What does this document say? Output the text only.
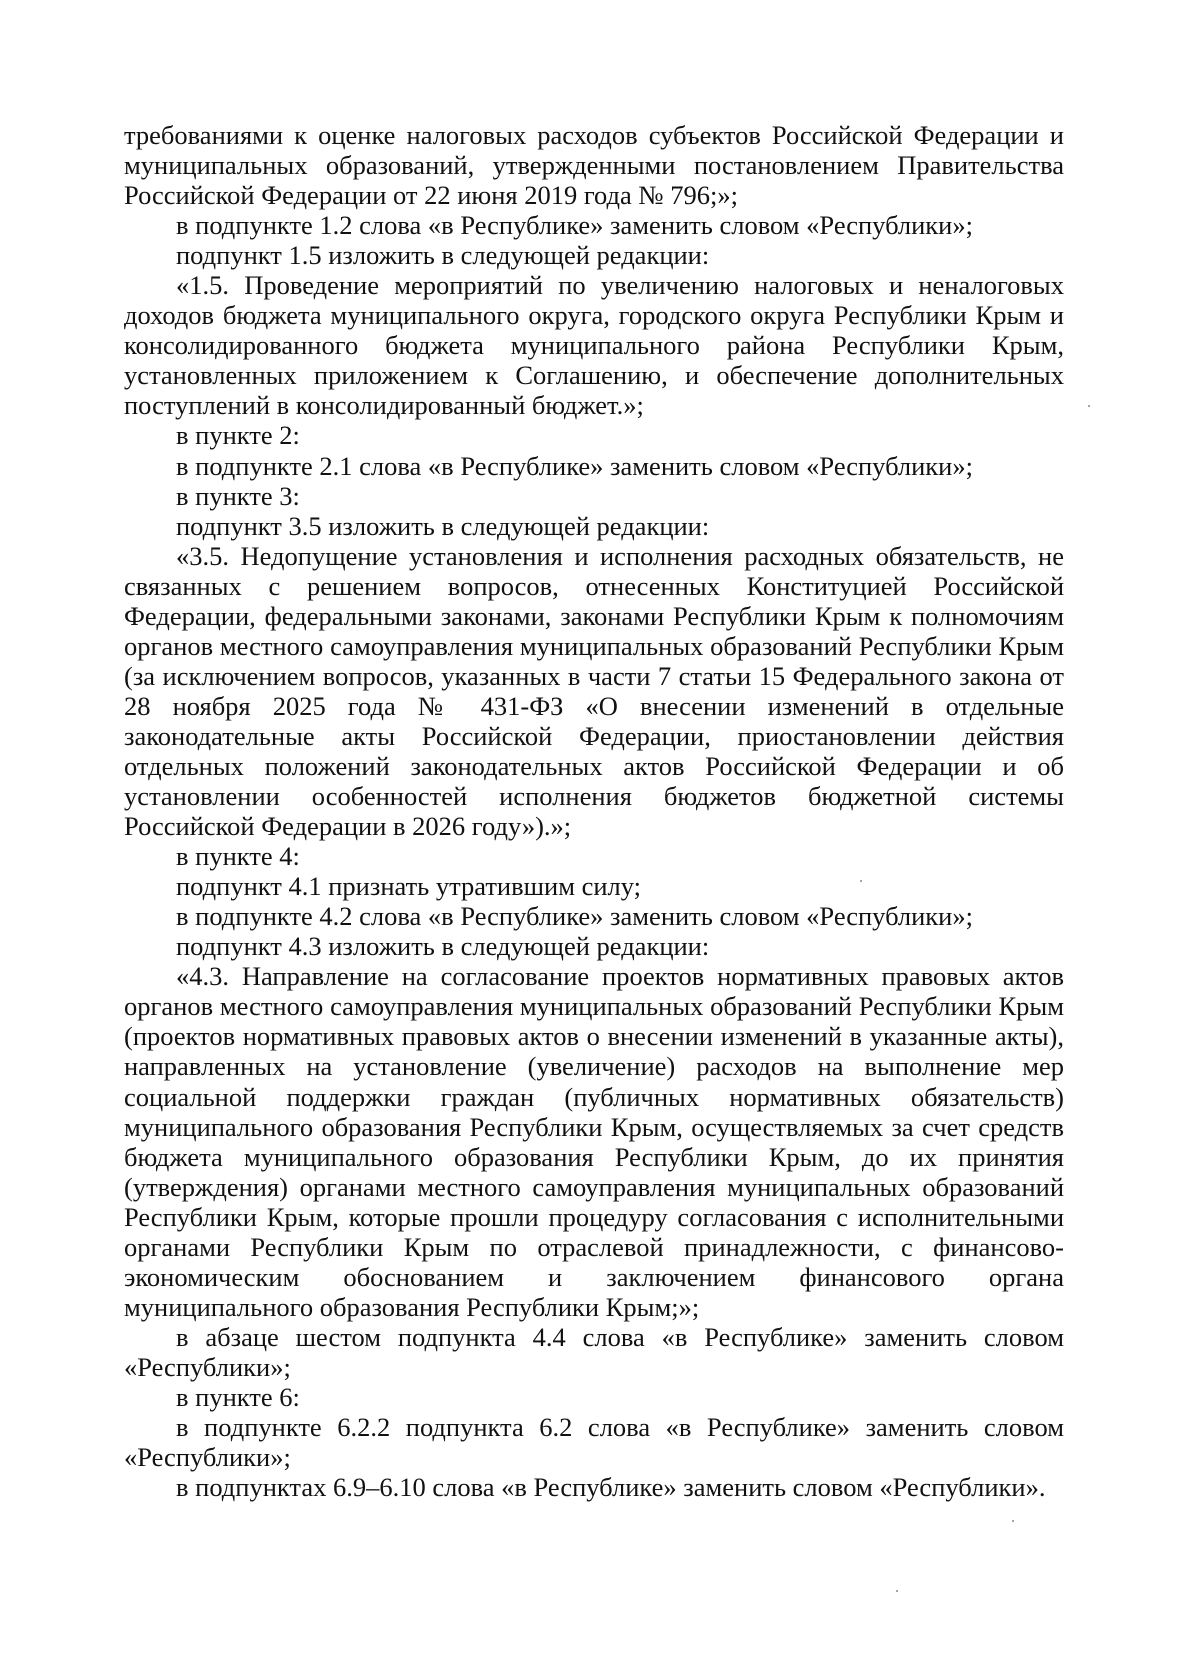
требованиями к оценке налоговых расходов субъектов Российской Федерации и муниципальных образований, утвержденными постановлением Правительства Российской Федерации от 22 июня 2019 года № 796;»;

в подпункте 1.2 слова «в Республике» заменить словом «Республики»;

подпункт 1.5 изложить в следующей редакции:

«1.5. Проведение мероприятий по увеличению налоговых и неналоговых доходов бюджета муниципального округа, городского округа Республики Крым и консолидированного бюджета муниципального района Республики Крым, установленных приложением к Соглашению, и обеспечение дополнительных поступлений в консолидированный бюджет.»;

в пункте 2:

в подпункте 2.1 слова «в Республике» заменить словом «Республики»;

в пункте 3:

подпункт 3.5 изложить в следующей редакции:

«3.5. Недопущение установления и исполнения расходных обязательств, не связанных с решением вопросов, отнесенных Конституцией Российской Федерации, федеральными законами, законами Республики Крым к полномочиям органов местного самоуправления муниципальных образований Республики Крым (за исключением вопросов, указанных в части 7 статьи 15 Федерального закона от 28 ноября 2025 года № 431-ФЗ «О внесении изменений в отдельные законодательные акты Российской Федерации, приостановлении действия отдельных положений законодательных актов Российской Федерации и об установлении особенностей исполнения бюджетов бюджетной системы Российской Федерации в 2026 году»).»;

в пункте 4:

подпункт 4.1 признать утратившим силу;

в подпункте 4.2 слова «в Республике» заменить словом «Республики»;

подпункт 4.3 изложить в следующей редакции:

«4.3. Направление на согласование проектов нормативных правовых актов органов местного самоуправления муниципальных образований Республики Крым (проектов нормативных правовых актов о внесении изменений в указанные акты), направленных на установление (увеличение) расходов на выполнение мер социальной поддержки граждан (публичных нормативных обязательств) муниципального образования Республики Крым, осуществляемых за счет средств бюджета муниципального образования Республики Крым, до их принятия (утверждения) органами местного самоуправления муниципальных образований Республики Крым, которые прошли процедуру согласования с исполнительными органами Республики Крым по отраслевой принадлежности, с финансово-экономическим обоснованием и заключением финансового органа муниципального образования Республики Крым;»;

в абзаце шестом подпункта 4.4 слова «в Республике» заменить словом «Республики»;

в пункте 6:

в подпункте 6.2.2 подпункта 6.2 слова «в Республике» заменить словом «Республики»;

в подпунктах 6.9–6.10 слова «в Республике» заменить словом «Республики».
